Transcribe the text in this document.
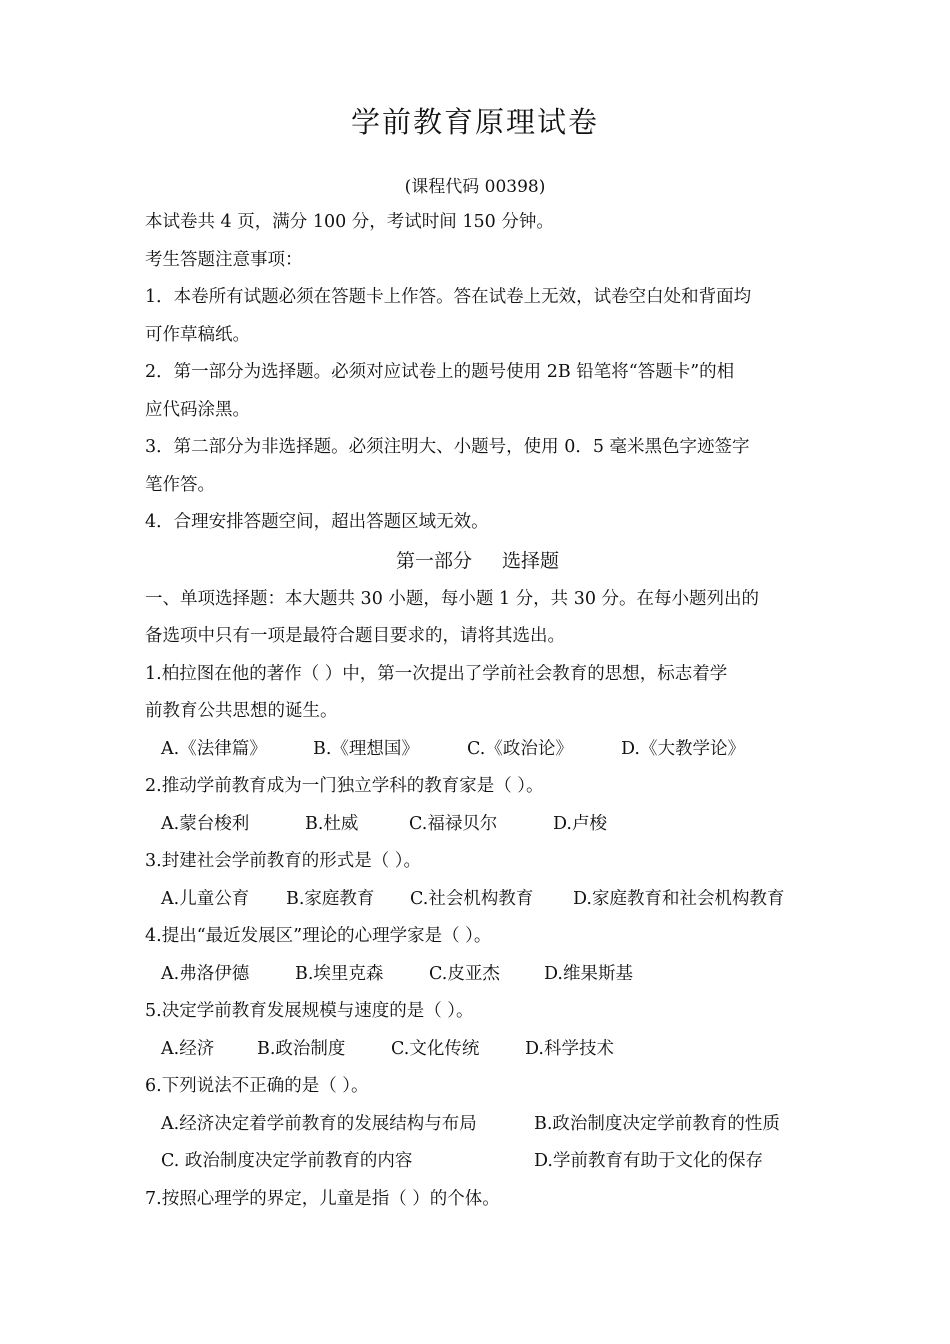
学前教育原理试卷
(课程代码 00398)
本试卷共 4 页，满分 100 分，考试时间 150 分钟。
考生答题注意事项：
1．本卷所有试题必须在答题卡上作答。答在试卷上无效，试卷空白处和背面均
可作草稿纸。
2．第一部分为选择题。必须对应试卷上的题号使用 2B 铅笔将“答题卡”的相
应代码涂黑。
3．第二部分为非选择题。必须注明大、小题号，使用 0．5 毫米黑色字迹签字
笔作答。
4．合理安排答题空间，超出答题区域无效。
第一部分 选择题
一、单项选择题：本大题共 30 小题，每小题 1 分，共 30 分。在每小题列出的
备选项中只有一项是最符合题目要求的，请将其选出。
1.柏拉图在他的著作（ ）中，第一次提出了学前社会教育的思想，标志着学
前教育公共思想的诞生。
A.《法律篇》	B.《理想国》	C.《政治论》	D.《大教学论》
2.推动学前教育成为一门独立学科的教育家是（ ）。
A.蒙台梭利	B.杜威	C.福禄贝尔	D.卢梭
3.封建社会学前教育的形式是（ ）。
A.儿童公育	B.家庭教育	C.社会机构教育	D.家庭教育和社会机构教育
4.提出“最近发展区”理论的心理学家是（ ）。
A.弗洛伊德	B.埃里克森	C.皮亚杰	D.维果斯基
5.决定学前教育发展规模与速度的是（ ）。
A.经济	B.政治制度	C.文化传统	D.科学技术
6.下列说法不正确的是（ ）。
A.经济决定着学前教育的发展结构与布局	B.政治制度决定学前教育的性质
C. 政治制度决定学前教育的内容	D.学前教育有助于文化的保存
7.按照心理学的界定，儿童是指（ ）的个体。
